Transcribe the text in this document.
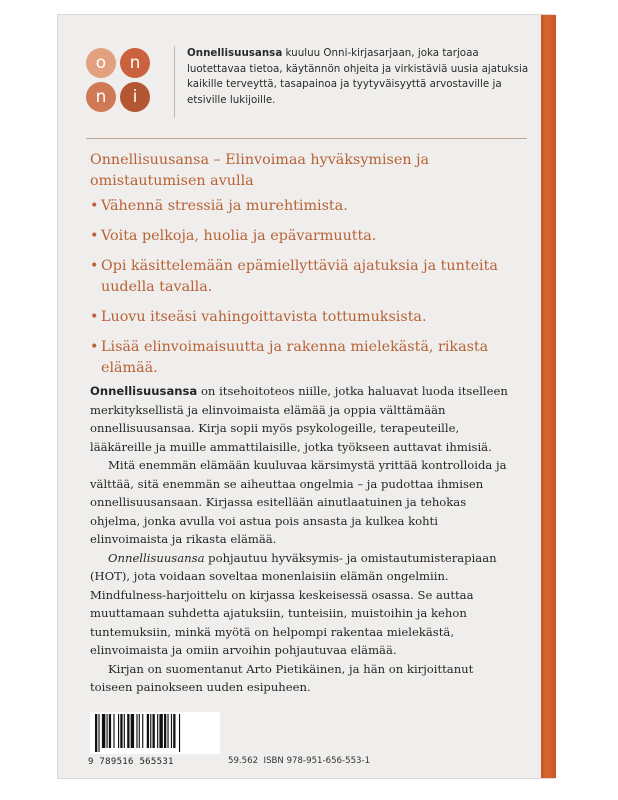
o	n
n	i
Onnellisuusansa kuuluu Onni-kirjasarjaan, joka tarjoaa luotettavaa tietoa, käytännön ohjeita ja virkistäviä uusia ajatuksia kaikille terveyttä, tasapainoa ja tyytyväisyyttä arvostaville ja etsiville lukijoille.
Onnellisuusansa – Elinvoimaa hyväksymisen ja omistautumisen avulla
• Vähennä stressiä ja murehtimista.
• Voita pelkoja, huolia ja epävarmuutta.
• Opi käsittelemään epämiellyttäviä ajatuksia ja tunteita uudella tavalla.
• Luovu itseäsi vahingoittavista tottumuksista.
• Lisää elinvoimaisuutta ja rakenna mielekästä, rikasta elämää.

Onnellisuusansa on itsehoitoteos niille, jotka haluavat luoda itselleen merkityksellistä ja elinvoimaista elämää ja oppia välttämään onnellisuusansaa. Kirja sopii myös psykologeille, terapeuteille, lääkäreille ja muille ammattilaisille, jotka työkseen auttavat ihmisiä.

Mitä enemmän elämään kuuluvaa kärsimystä yrittää kontrolloida ja välttää, sitä enemmän se aiheuttaa ongelmia – ja pudottaa ihmisen onnellisuusansaan. Kirjassa esitellään ainutlaatuinen ja tehokas ohjelma, jonka avulla voi astua pois ansasta ja kulkea kohti elinvoimaista ja rikasta elämää.

Onnellisuusansa pohjautuu hyväksymis- ja omistautumisterapiaan (HOT), jota voidaan soveltaa monenlaisiin elämän ongelmiin. Mindfulness-harjoittelu on kirjassa keskeisessä osassa. Se auttaa muuttamaan suhdetta ajatuksiin, tunteisiin, muistoihin ja kehon tuntemuksiin, minkä myötä on helpompi rakentaa mielekästä, elinvoimaista ja omiin arvoihin pohjautuvaa elämää.

Kirjan on suomentanut Arto Pietikäinen, ja hän on kirjoittanut toiseen painokseen uuden esipuheen.

9 789516 565531	59.562 ISBN 978-951-656-553-1
